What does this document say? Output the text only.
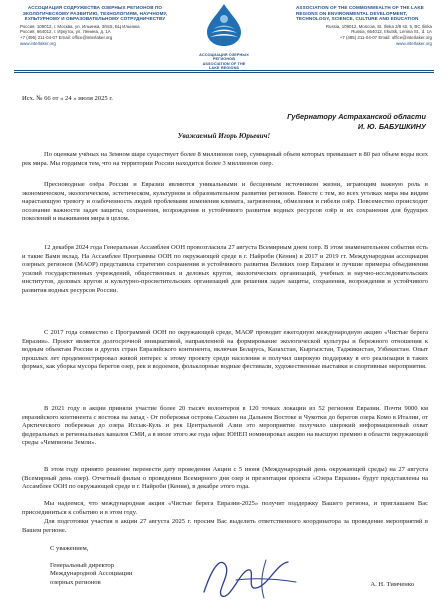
АССОЦИАЦИЯ СОДРУЖЕСТВА ОЗЕРНЫХ РЕГИОНОВ ПО ЭКОЛОГИЧЕСКОМУ РАЗВИТИЮ, ТЕХНОЛОГИЯМ, НАУЧНОМУ, КУЛЬТУРНОМУ И ОБРАЗОВАТЕЛЬНОМУ СОТРУДНИЧЕСТВУ
Россия, 109012, г. Москва, ул. Ильинка, 3/8с5, БЦ Ильинка
Россия, 664012, г. Иркутск, ул. Ленина, д. 1А
+7 (495) 211-04-07 Email: office@interlaker.org
www.interlaker.org
АССОЦИАЦИЯ ОЗЕРНЫХ РЕГИОНОВ
ASSOCIATION OF THE LAKE REGIONS
ASSOCIATION OF THE COMMONWEALTH OF THE LAKE REGIONS ON ENVIRONMENTAL DEVELOPMENT, TECHNOLOGY, SCIENCE, CULTURE AND EDUCATION
Russia, 109012, Moscow, St. Ilinka 3/8 str. 5, BC Ilinka
Russia, 664012, Irkutsk, Lenina St., d. 1A
+7 (495) 211-04-07 Email: office@interlaker.org
www.interlaker.org
Исх. № 66 от « 24 » июля 2025 г.
Губернатору Астраханской области
И. Ю. БАБУШКИНУ
Уважаемый Игорь Юрьевич!

По оценкам учёных на Земном шаре существует более 8 миллионов озер, суммарный объем которых превышает в 80 раз объем воды всех рек мира. Мы гордимся тем, что на территории России находится более 3 миллионов озер.

Пресноводные озёра России и Евразии являются уникальными и бесценным источником жизни, играющим важную роль в экономическом, экологическом, эстетическом, культурном и образовательном развитии регионов. Вместе с тем, во всех уголках мира мы видим нарастающую тревогу и озабоченность людей проблемами изменения климата, загрязнения, обмеления и гибели озёр. Повсеместно происходит осознание важности задач защиты, сохранения, возрождения и устойчивого развития водных ресурсов озёр и их сохранения для будущих поколений и выживания мира в целом.

12 декабря 2024 года Генеральная Ассамблея ООН провозгласила 27 августа Всемирным днем озер. В этом знаменательном событии есть и такие Вами вклад. На Ассамблее Программы ООН по окружающей среде в г. Найроби (Кения) в 2017 и 2019 гг. Международная ассоциация озерных регионов (МАОР) представила стратегию сохранения и устойчивого развития Великих озер Евразии и лучшие примеры объединения усилий государственных учреждений, общественных и деловых кругов, экологических организаций, учебных и научно-исследовательских институтов, деловых кругов и культурно-просветительских организаций для решения задач защиты, сохранения, возрождения и устойчивого развития водных ресурсов России.

С 2017 года совместно с Программой ООН по окружающей среде, МАОР проводит ежегодную международную акцию «Чистые берега Евразии». Проект является долгосрочной инициативой, направленной на формирование экологической культуры и бережного отношения к водным объектам России и других стран Евразийского континента, включая Беларусь, Казахстан, Кыргызстан, Таджикистан, Узбекистан. Опыт прошлых лет продемонстрировал живой интерес к этому проекту среди населения и получил широкую поддержку в его реализации в таких формах, как уборка мусора берегов озер, рек и водоемов, фольклорные водные фестивали, художественные выставки и спортивные мероприятия.

В 2021 году в акции приняли участие более 20 тысяч волонтеров в 120 точках локации из 52 регионов Евразии. Почти 9000 км евразийского континента с востока на запад - От побережья острова Сахалин на Дальнем Востоке и Чукотки до берегов озера Комо в Италии, от Арктического побережья до озера Иссык-Куль и рек Центральной Азии это мероприятие получило широкий информационный охват федеральных и региональных каналов СМИ, а в июле этого же года офис ЮНЕП номинировал акцию на высшую премию в области окружающей среды «Чемпионы Земли».

В этом году принято решение перенести дату проведения Акции с 5 июня (Международный день окружающей среды) на 27 августа (Всемирный день озер). Отчетный фильм о проведении Всемирного дня озер и презентация проекта «Озера Евразии» будут представлены на Ассамблее ООН по окружающей среде в г. Найроби (Кения), в декабре этого года.

Мы надеемся, что международная акция «Чистые берега Евразии-2025» получит поддержку Вашего региона, и приглашаем Вас присоединиться к событию и в этом году.

Для подготовки участия в акции 27 августа 2025 г. просим Вас выделить ответственного координатора за проведение мероприятий в Вашем регионе.

С уважением,
Генеральный директор
Международной Ассоциации
озерных регионов	А. Н. Тимченко
